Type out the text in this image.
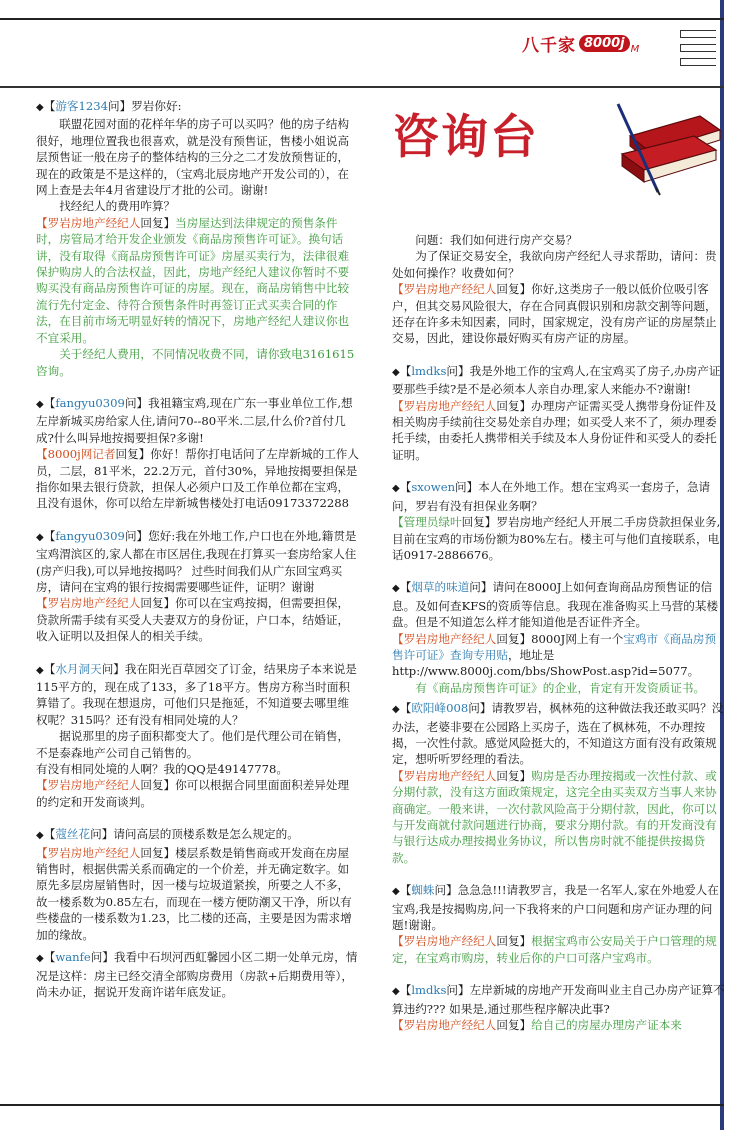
八千家 8000j M

◆【游客1234问】罗岩你好:

联盟花园对面的花样年华的房子可以买吗？他的房子结构很好，地理位置我也很喜欢，就是没有预售证，售楼小姐说高层预售证一般在房子的整体结构的三分之二才发放预售证的，现在的政策是不是这样的，（宝鸡北辰房地产开发公司的），在网上查是去年4月省建设厅才批的公司。谢谢!

找经纪人的费用咋算？

【罗岩房地产经纪人回复】当房屋达到法律规定的预售条件时，房管局才给开发企业颁发《商品房预售许可证》。换句话讲，没有取得《商品房预售许可证》房屋买卖行为，法律很难保护购房人的合法权益，因此，房地产经纪人建议你暂时不要购买没有商品房预售许可证的房屋。现在，商品房销售中比较流行先付定金、待符合预售条件时再签订正式买卖合同的作法，在目前市场无明显好转的情况下，房地产经纪人建议你也不宜采用。

关于经纪人费用，不同情况收费不同，请你致电3161615咨询。

◆【fangyu0309问】我祖籍宝鸡,现在广东一事业单位工作,想左岸新城买房给家人住,请问70--80平米.二层,什么价?首付几成?什么叫异地按揭要担保?多谢!

【8000j网记者回复】你好！帮你打电话问了左岸新城的工作人员，二层，81平米，22.2万元，首付30%，异地按揭要担保是指你如果去银行贷款，担保人必须户口及工作单位都在宝鸡，且没有退休，你可以给左岸新城售楼处打电话09173372288

◆【fangyu0309问】您好:我在外地工作,户口也在外地,籍贯是宝鸡渭滨区的,家人都在市区居住,我现在打算买一套房给家人住(房产归我),可以异地按揭吗？ 过些时间我们从广东回宝鸡买房，请问在宝鸡的银行按揭需要哪些证件，证明？谢谢

【罗岩房地产经纪人回复】你可以在宝鸡按揭，但需要担保，贷款所需手续有买受人夫妻双方的身份证，户口本，结婚证，收入证明以及担保人的相关手续。

◆【水月洞天问】我在阳光百草园交了订金，结果房子本来说是115平方的，现在成了133，多了18平方。售房方称当时面积算错了。我现在想退房，可他们只是拖延，不知道要去哪里维权呢？315吗？还有没有相同处境的人？

据说那里的房子面积都变大了。他们是代理公司在销售，不是泰森地产公司自己销售的。

有没有相同处境的人啊？我的QQ是49147778。

【罗岩房地产经纪人回复】你可以根据合同里面面积差异处理的约定和开发商谈判。

◆【蔻丝花问】请问高层的顶楼系数是怎么规定的。

【罗岩房地产经纪人回复】楼层系数是销售商或开发商在房屋销售时，根据供需关系而确定的一个价差，并无确定数字。如原先多层房屋销售时，因一楼与垃圾道紧挨，所要之人不多，故一楼系数为0.85左右，而现在一楼方便防潮又干净，所以有些楼盘的一楼系数为1.23，比二楼的还高，主要是因为需求增加的缘故。

◆【wanfe问】我看中石坝河西虹馨园小区二期一处单元房，情况是这样：房主已经交清全部购房费用（房款+后期费用等），尚未办证，据说开发商许诺年底发证。

咨询台

问题：我们如何进行房产交易？

为了保证交易安全，我欲向房产经纪人寻求帮助，请问：贵处如何操作？收费如何？

【罗岩房地产经纪人回复】你好,这类房子一般以低价位吸引客户，但其交易风险很大，存在合同真假识别和房款交割等问题，还存在许多未知因素，同时，国家规定，没有房产证的房屋禁止交易，因此，建设你最好购买有房产证的房屋。

◆【lmdks问】我是外地工作的宝鸡人,在宝鸡买了房子,办房产证要那些手续?是不是必须本人亲自办理,家人来能办不?谢谢!

【罗岩房地产经纪人回复】办理房产证需买受人携带身份证件及相关购房手续前往交易处亲自办理；如买受人来不了，须办理委托手续，由委托人携带相关手续及本人身份证件和买受人的委托证明。

◆【sxowen问】本人在外地工作。想在宝鸡买一套房子，急请问，罗岩有没有担保业务啊？

【管理员绿叶回复】罗岩房地产经纪人开展二手房贷款担保业务,目前在宝鸡的市场份额为80%左右。楼主可与他们直接联系，电话0917-2886676。

◆【烟草的味道问】请问在8000J上如何查询商品房预售证的信息。及如何查KFS的资质等信息。我现在准备购买上马营的某楼盘。但是不知道怎么样才能知道他是否证件齐全。

【罗岩房地产经纪人回复】8000J网上有一个宝鸡市《商品房预售许可证》查询专用贴，地址是http://www.8000j.com/bbs/ShowPost.asp?id=5077。

有《商品房预售许可证》的企业，肯定有开发资质证书。

◆【欧阳峰008问】请教罗岩，枫林苑的这种做法我还敢买吗？没办法，老婆非要在公园路上买房子，选在了枫林苑，不办理按揭，一次性付款。感觉风险挺大的，不知道这方面有没有政策规定，想听听罗经理的看法。

【罗岩房地产经纪人回复】购房是否办理按揭或一次性付款、或分期付款，没有这方面政策规定，这完全由买卖双方当事人来协商确定。一般来讲，一次付款风险高于分期付款，因此，你可以与开发商就付款问题进行协商，要求分期付款。有的开发商没有与银行达成办理按揭业务协议，所以售房时就不能提供按揭贷款。

◆【蜘蛛问】急急急!!!请教罗言，我是一名军人,家在外地爱人在宝鸡,我是按揭购房,问一下我将来的户口问题和房产证办理的问题!谢谢。

【罗岩房地产经纪人回复】根据宝鸡市公安局关于户口管理的规定，在宝鸡市购房，转业后你的户口可落户宝鸡市。

◆【lmdks问】左岸新城的房地产开发商叫业主自己办房产证算不算违约??? 如果是,通过那些程序解决此事?

【罗岩房地产经纪人回复】给自己的房屋办理房产证本来
